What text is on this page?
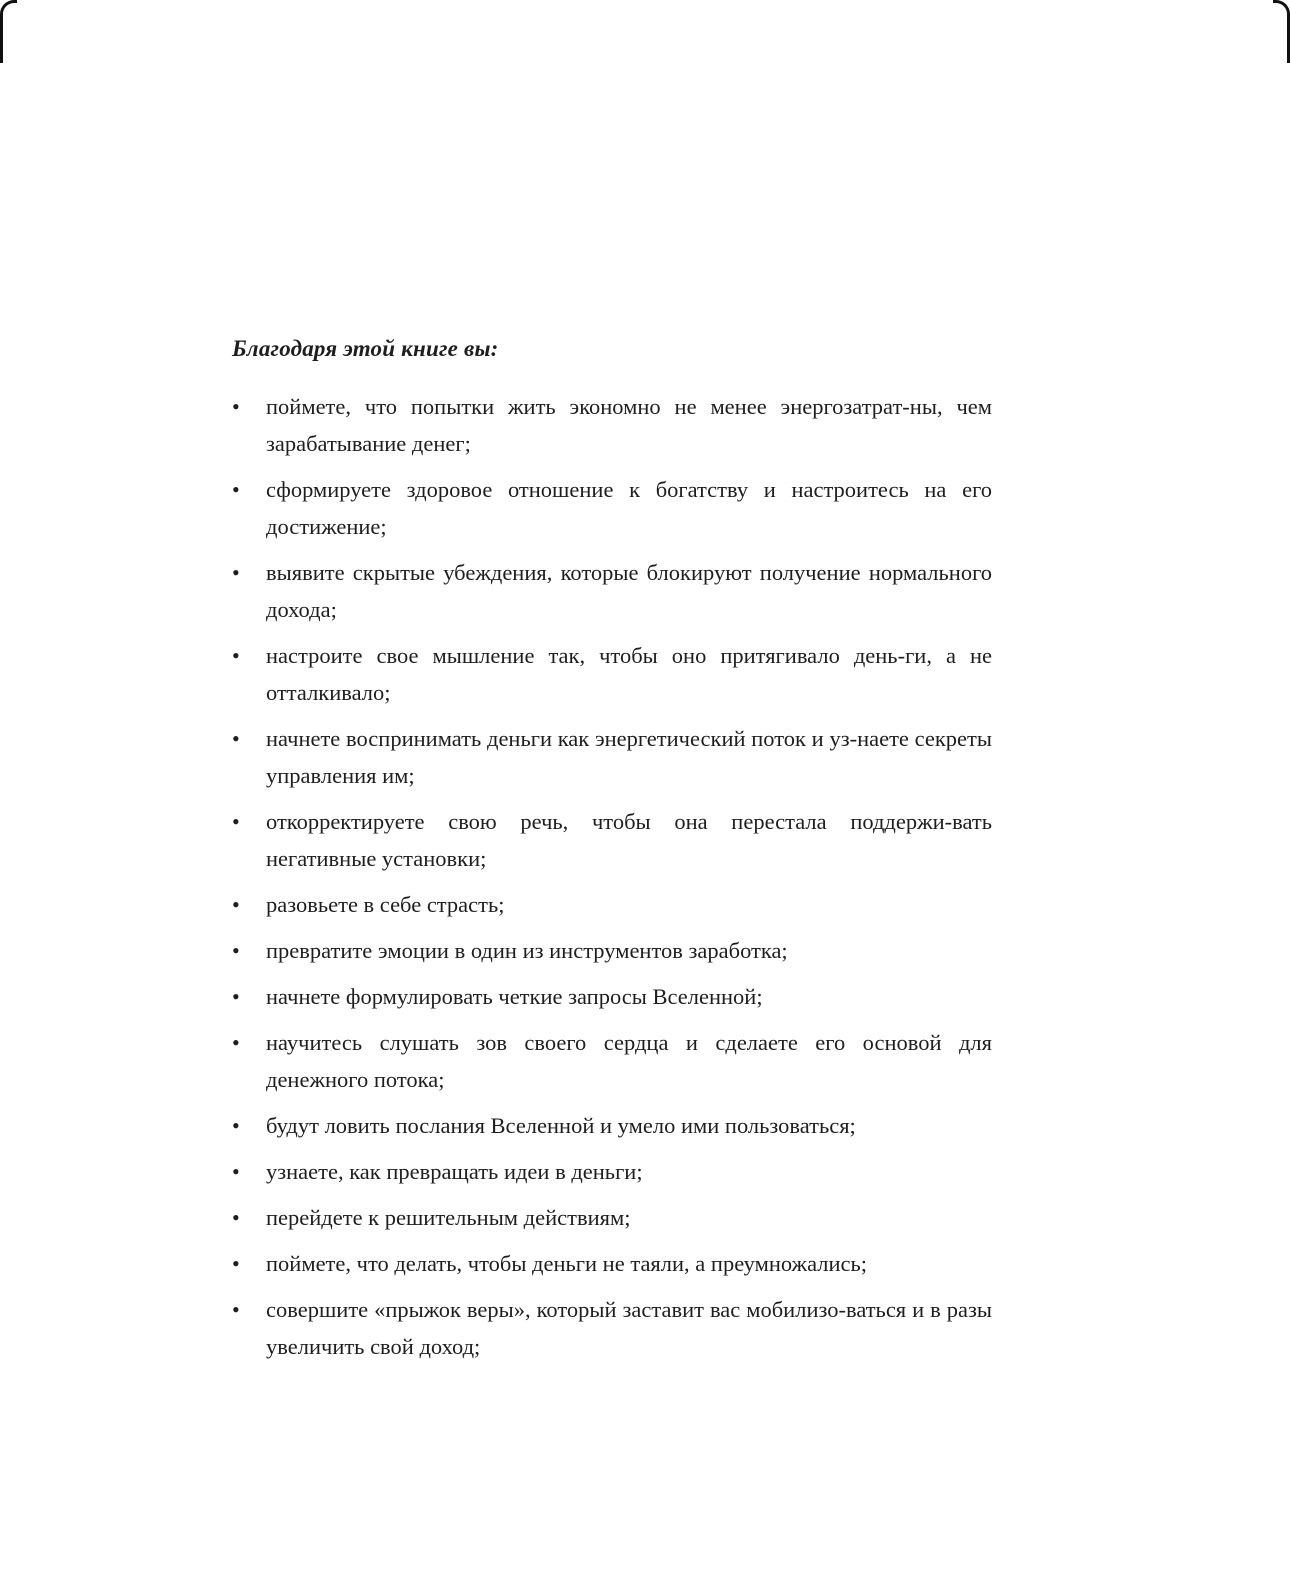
Благодаря этой книге вы:

•	поймете, что попытки жить экономно не менее энергозатрат-ны, чем зарабатывание денег;
•	сформируете здоровое отношение к богатству и настроитесь на его достижение;
•	выявите скрытые убеждения, которые блокируют получение нормального дохода;
•	настроите свое мышление так, чтобы оно притягивало день-ги, а не отталкивало;
•	начнете воспринимать деньги как энергетический поток и уз-наете секреты управления им;
•	откорректируете свою речь, чтобы она перестала поддержи-вать негативные установки;
•	разовьете в себе страсть;
•	превратите эмоции в один из инструментов заработка;
•	начнете формулировать четкие запросы Вселенной;
•	научитесь слушать зов своего сердца и сделаете его основой для денежного потока;
•	будут ловить послания Вселенной и умело ими пользоваться;
•	узнаете, как превращать идеи в деньги;
•	перейдете к решительным действиям;
•	поймете, что делать, чтобы деньги не таяли, а преумножались;
•	совершите «прыжок веры», который заставит вас мобилизо-ваться и в разы увеличить свой доход;
